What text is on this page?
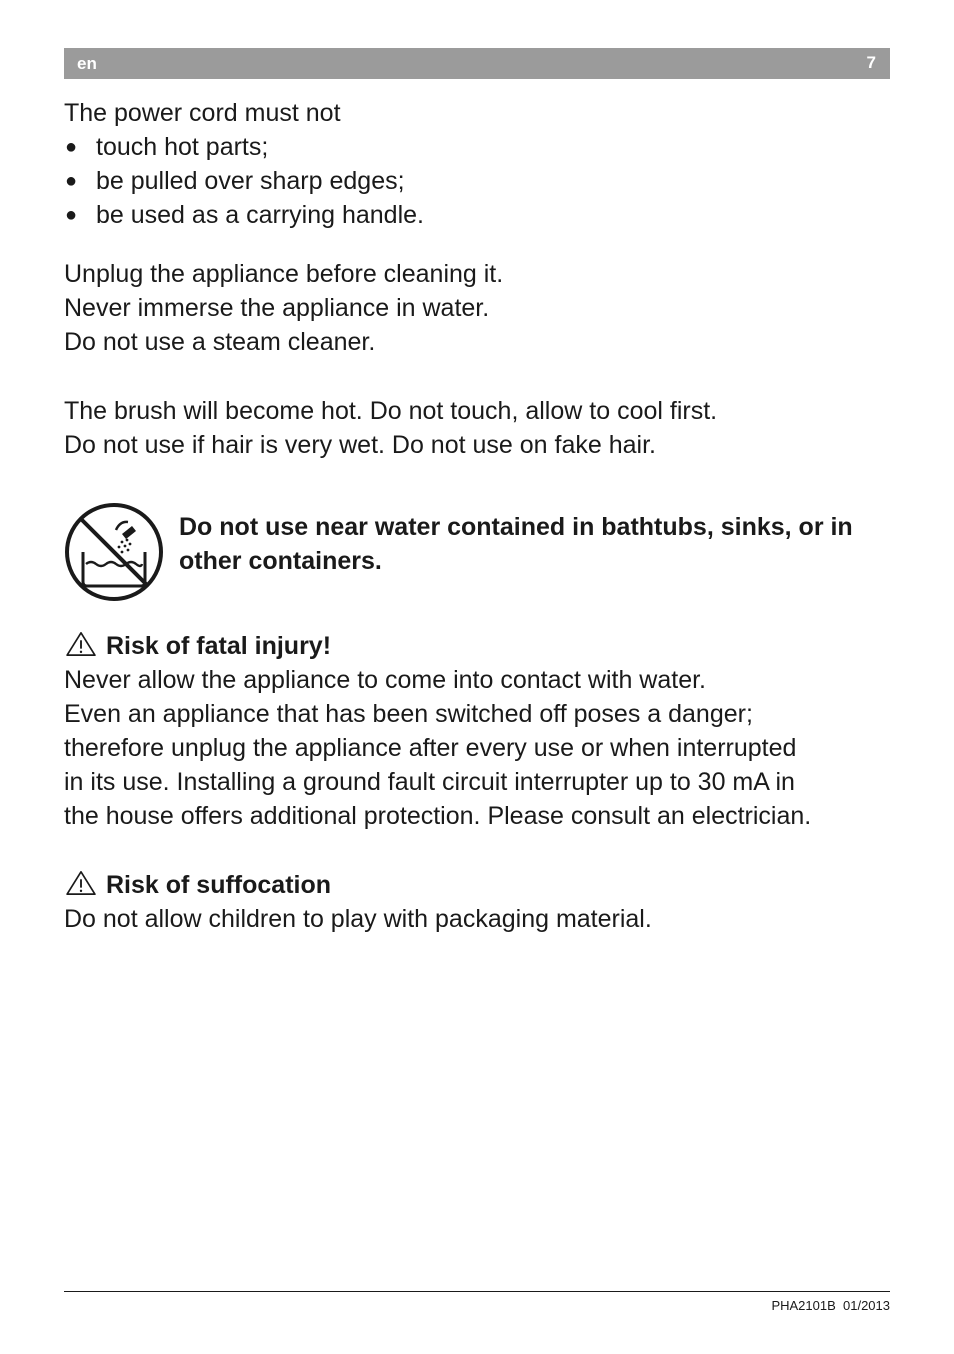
en	7

The power cord must not

● touch hot parts;
● be pulled over sharp edges;
● be used as a carrying handle.

Unplug the appliance before cleaning it.

Never immerse the appliance in water.

Do not use a steam cleaner.

The brush will become hot. Do not touch, allow to cool first.

Do not use if hair is very wet. Do not use on fake hair.

Do not use near water contained in bathtubs, sinks, or in other containers.

Risk of fatal injury!

Never allow the appliance to come into contact with water.

Even an appliance that has been switched off poses a danger;

therefore unplug the appliance after every use or when interrupted

in its use. Installing a ground fault circuit interrupter up to 30 mA in

the house offers additional protection. Please consult an electrician.

Risk of suffocation

Do not allow children to play with packaging material.

PHA2101B 01/2013
